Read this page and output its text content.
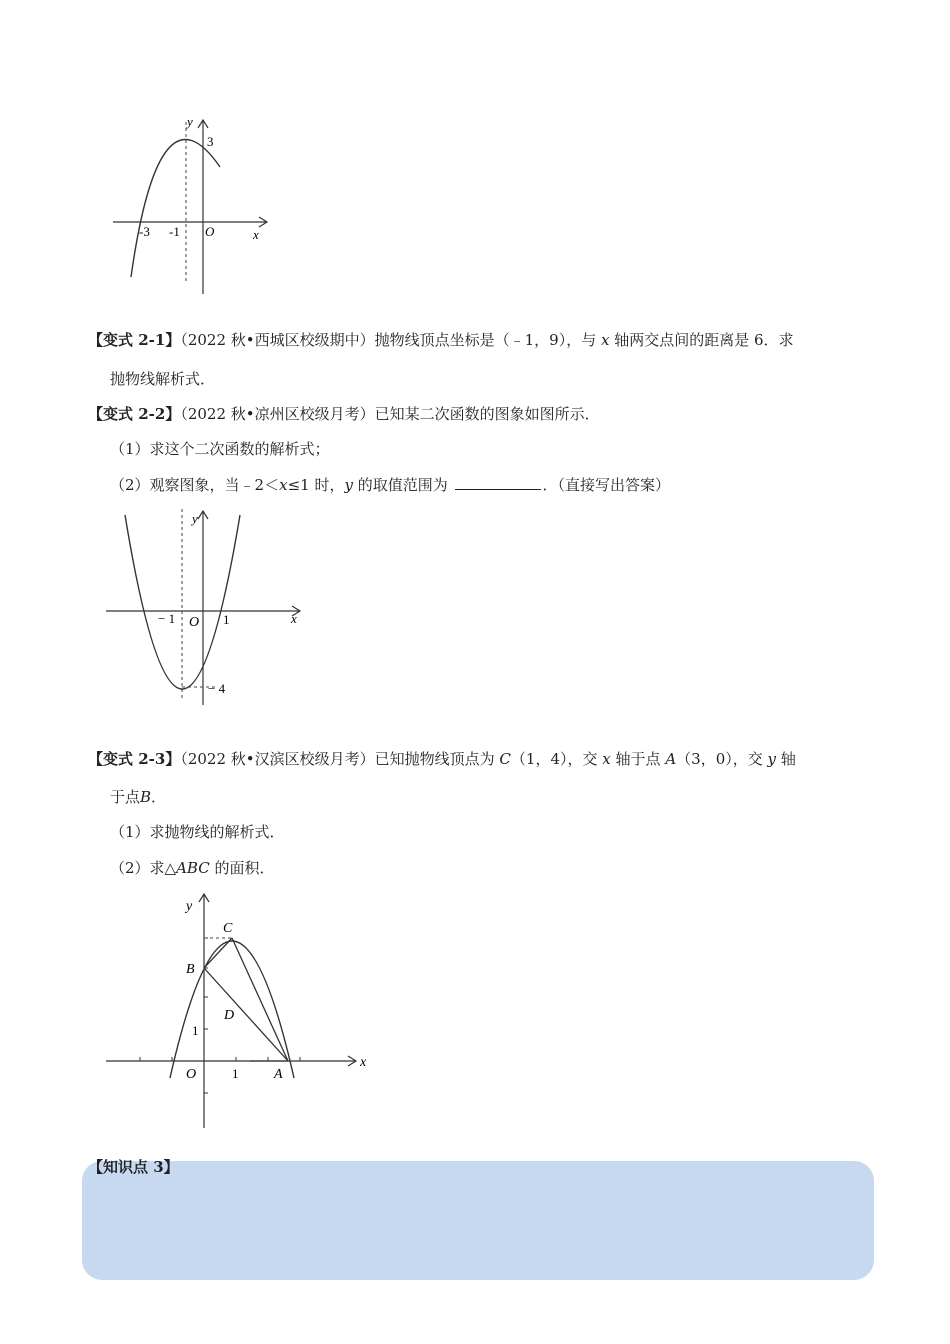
y
3
-3 -1 O	x
【变式 2-1】（2022 秋•西城区校级期中）抛物线顶点坐标是（﹣1，9），与 x 轴两交点间的距离是 6．求
抛物线解析式．
【变式 2-2】（2022 秋•凉州区校级月考）已知某二次函数的图象如图所示．
（1）求这个二次函数的解析式；
（2）观察图象，当﹣2＜x≤1 时，y 的取值范围为	．（直接写出答案）
y
− 1 O 1	x
− 4
【变式 2-3】（2022 秋•汉滨区校级月考）已知抛物线顶点为 C（1，4），交 x 轴于点 A（3，0），交 y 轴
于点B．
（1）求抛物线的解析式．
（2）求△ABC 的面积．
y
C
B
D
1
O	1	A
x
【知识点 3】
